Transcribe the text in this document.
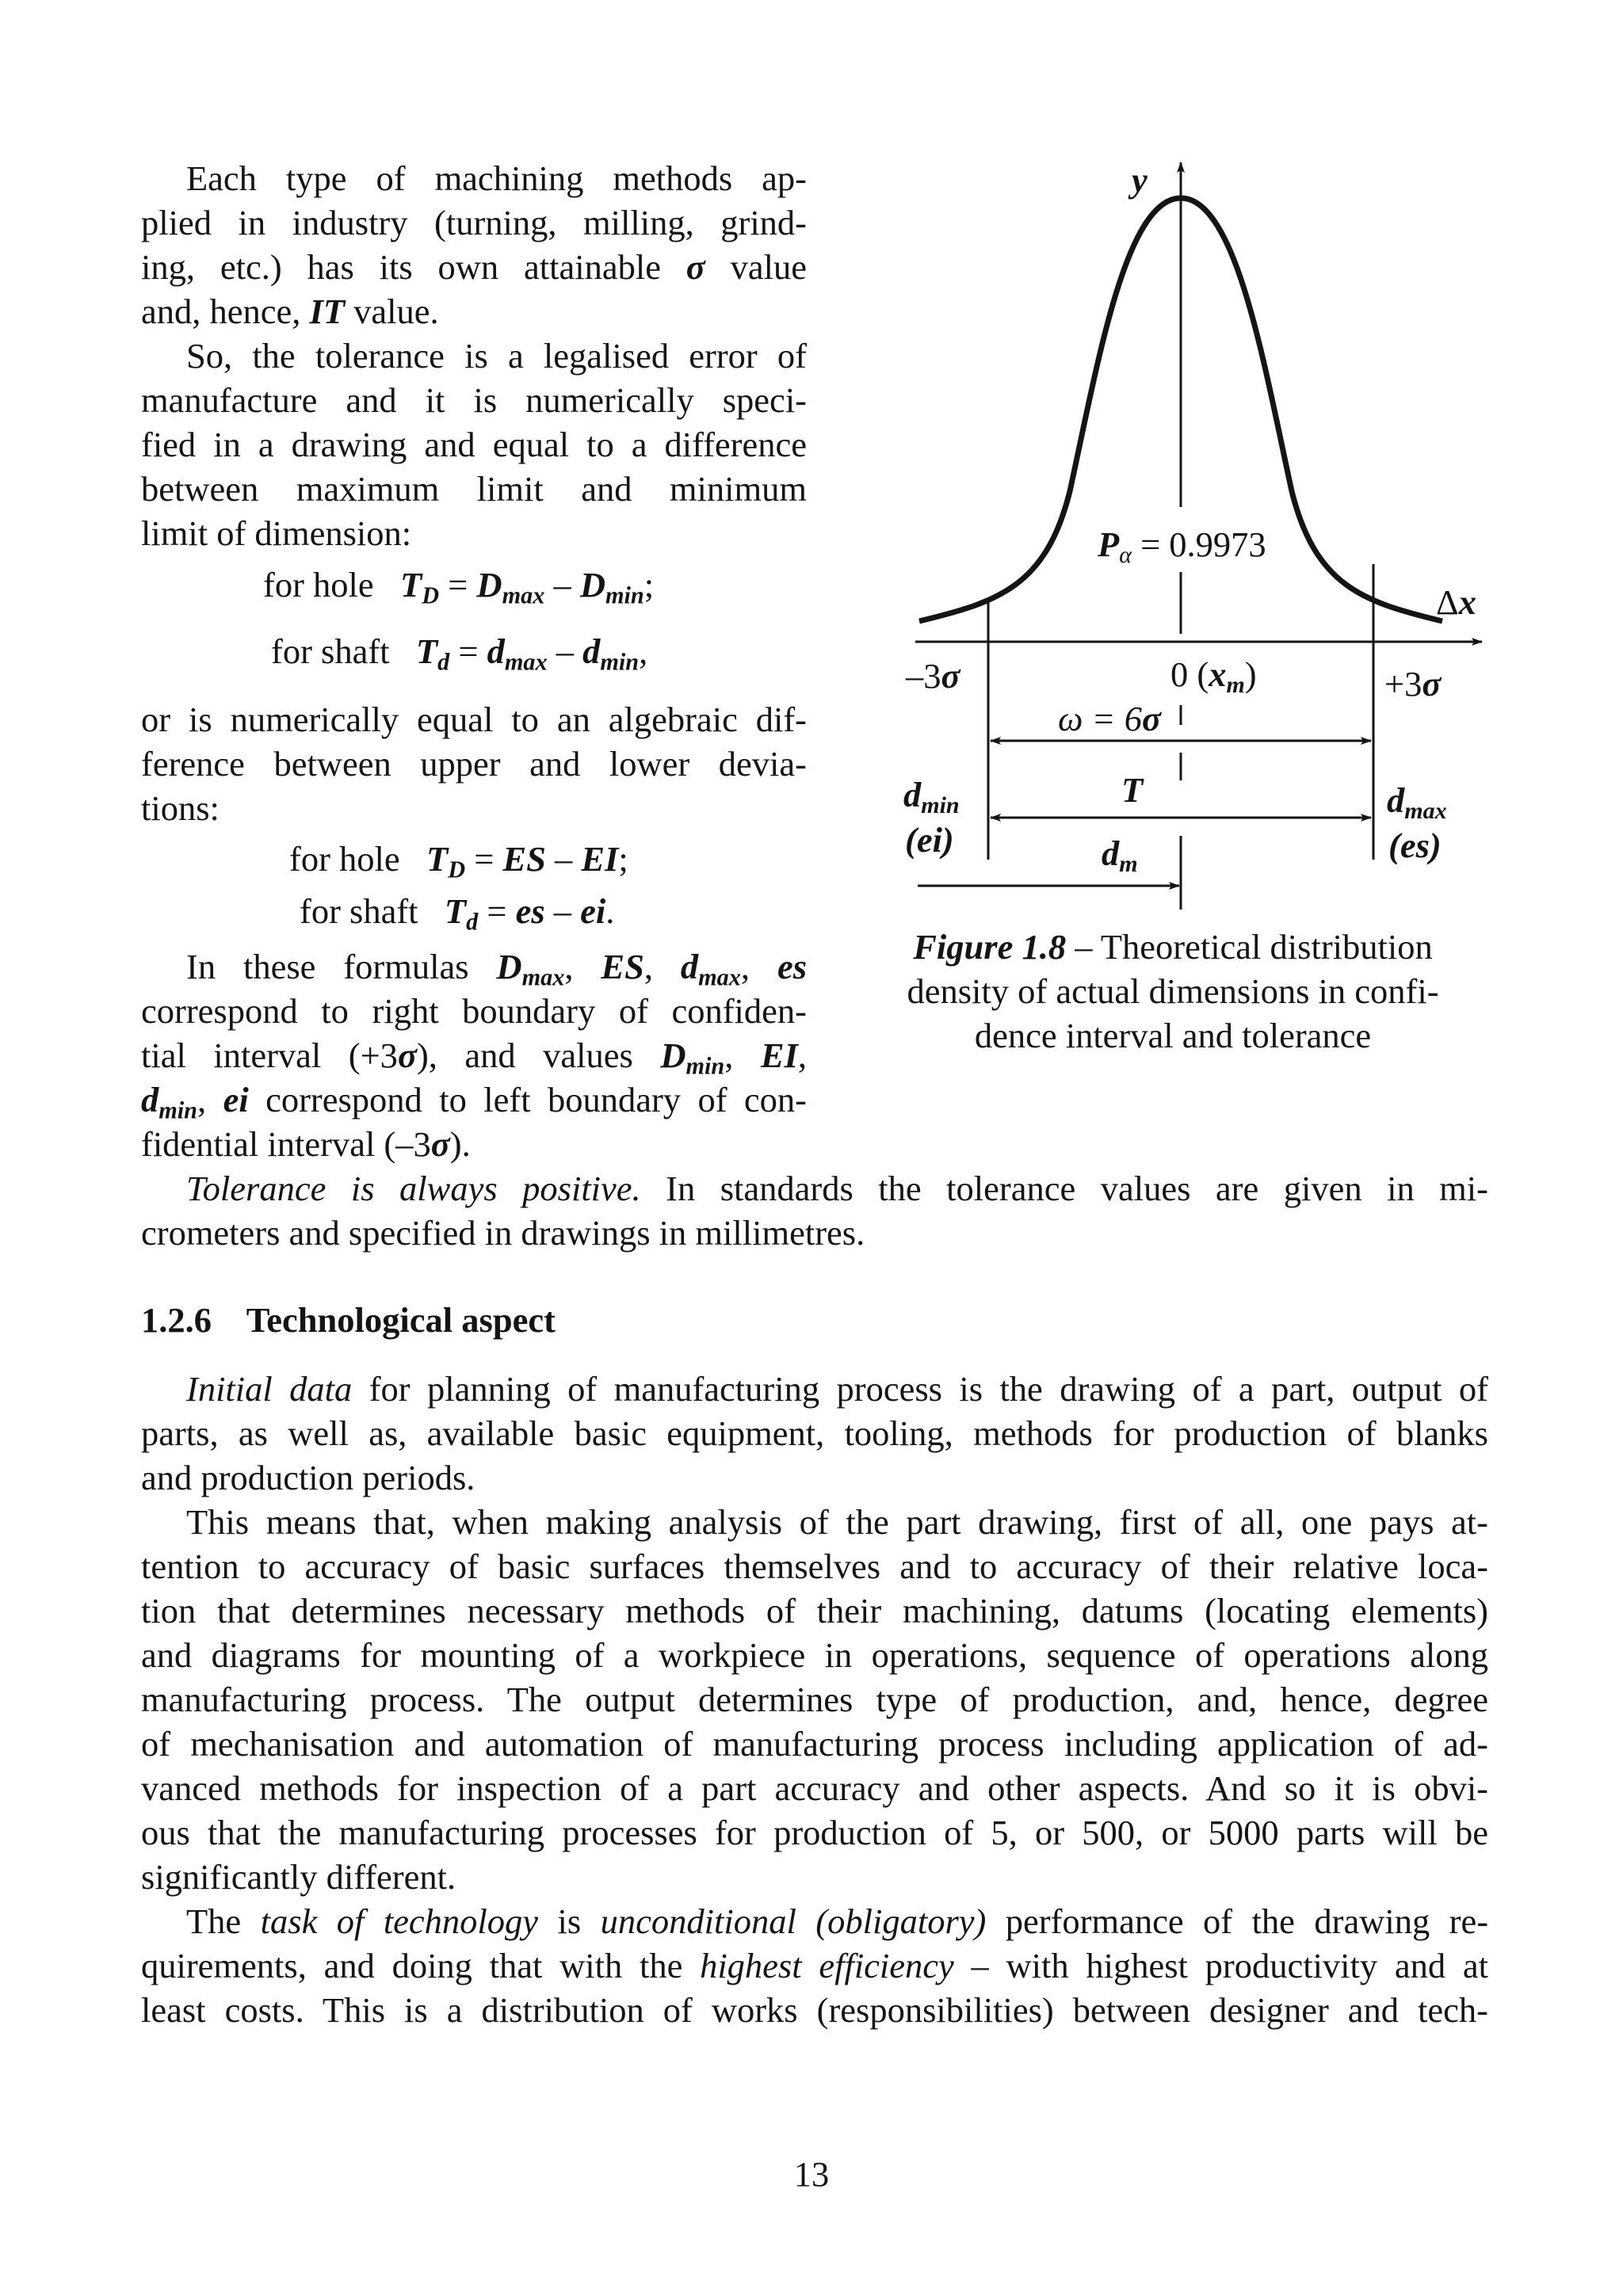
Each type of machining methods ap-
plied in industry (turning, milling, grind-
ing, etc.) has its own attainable σ value
and, hence, IT value.
So, the tolerance is a legalised error of
manufacture and it is numerically speci-
fied in a drawing and equal to a difference
between maximum limit and minimum
limit of dimension:
for hole $T_D = D_{max} - D_{min}$;
for shaft $T_d = d_{max} - d_{min}$,
or is numerically equal to an algebraic dif-
ference between upper and lower devia-
tions:
for hole $T_D$ = ES – EI;
for shaft $T_d$ = es – ei.
In these formulas $D_{max}$, ES, $d_{max}$, es
correspond to right boundary of confiden-
tial interval (+3σ), and values $D_{min}$, EI,
$d_{min}$, ei correspond to left boundary of con-
fidential interval (–3σ).
y
Δx
Pα = 0.9973
–3σ	+3σ
0 (xm)
ω = 6σ
T
dmin
(ei)
dmax
(es)
dm
Figure 1.8 – Theoretical distribution
density of actual dimensions in confi-
dence interval and tolerance
Tolerance is always positive. In standards the tolerance values are given in mi-
crometers and specified in drawings in millimetres.
1.2.6    Technological aspect
Initial data for planning of manufacturing process is the drawing of a part, output of
parts, as well as, available basic equipment, tooling, methods for production of blanks
and production periods.
This means that, when making analysis of the part drawing, first of all, one pays at-
tention to accuracy of basic surfaces themselves and to accuracy of their relative loca-
tion that determines necessary methods of their machining, datums (locating elements)
and diagrams for mounting of a workpiece in operations, sequence of operations along
manufacturing process. The output determines type of production, and, hence, degree
of mechanisation and automation of manufacturing process including application of ad-
vanced methods for inspection of a part accuracy and other aspects. And so it is obvi-
ous that the manufacturing processes for production of 5, or 500, or 5000 parts will be
significantly different.
The task of technology is unconditional (obligatory) performance of the drawing re-
quirements, and doing that with the highest efficiency – with highest productivity and at
least costs. This is a distribution of works (responsibilities) between designer and tech-
13
